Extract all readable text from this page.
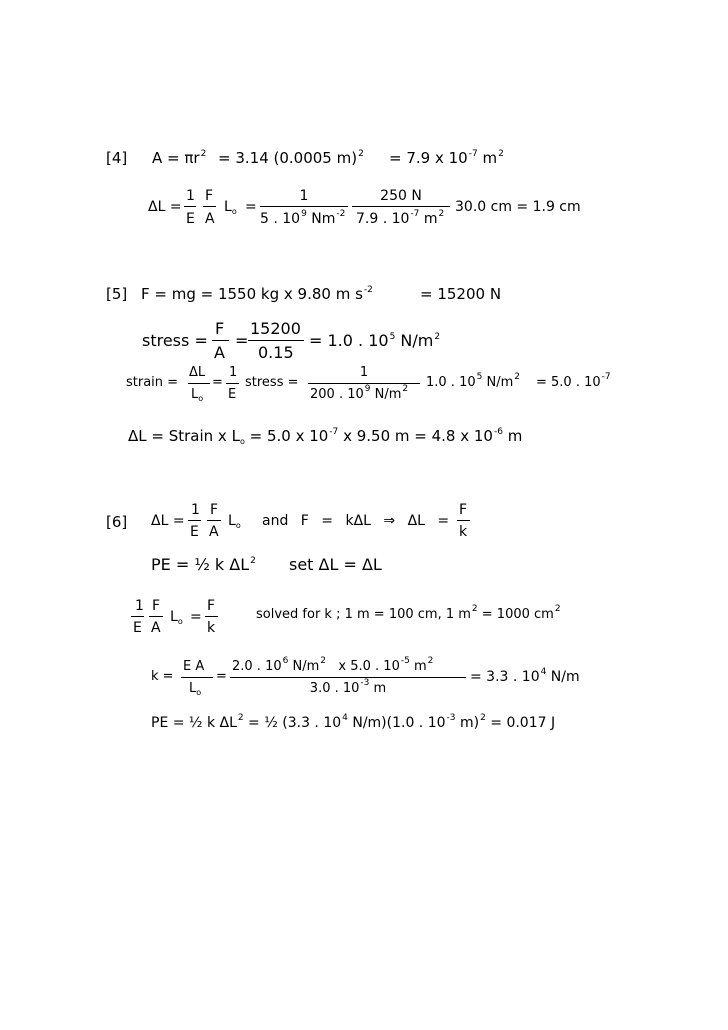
[4] $A = \pi r^2 = 3.14$ (0.0005 m)$^2$ = 7.9 x $10^{-7}$ $m^2$
ΔL =
1
E
F
A
$L_o$ =
1
5 . $10^9$ $Nm^{-2}$
250 N
7.9 . $10^{-7}$ $m^2$ 30.0 cm = 1.9 cm
[5] F = mg = 1550 kg x 9.80 m $s^{-2}$	= 15200 N
stress =
F
A
=
15200
0.15
= 1.0 . $10^5$ $N/m^2$
strain =
ΔL
$L_o$
=
1
E
stress =
1
200 . $10^9$ $N/m^2$ 1.0 . $10^5$ $N/m^2 = 5.0$ . $10^{-7}$
ΔL = Strain x $L_o = 5.0$ x $10^{-7}$ x 9.50 m = 4.8 x $10^{-6}$ m
[6] ΔL =
1
E
F
A
$L_o$ and F = kΔL ⇒ ΔL =
F
k
PE = ½ k $\Delta L^2$ set ΔL = ΔL
1
E
F
A
$L_o$ =
F
k
solved for k ; 1 m = 100 cm, 1 $m^2 = 1000$ $cm^2$
k =
E A
$L_o$
=
2.0 . $10^6$ $N/m^2$ x 5.0 . $10^{-5}$ $m^2$
3.0 . $10^{-3}$ m
= 3.3 . $10^4$ N/m
PE = ½ k $\Delta L^2$ = ½ (3.3 . $10^4$ N/m)(1.0 . $10^{-3}$ m)$^2$ = 0.017 J
